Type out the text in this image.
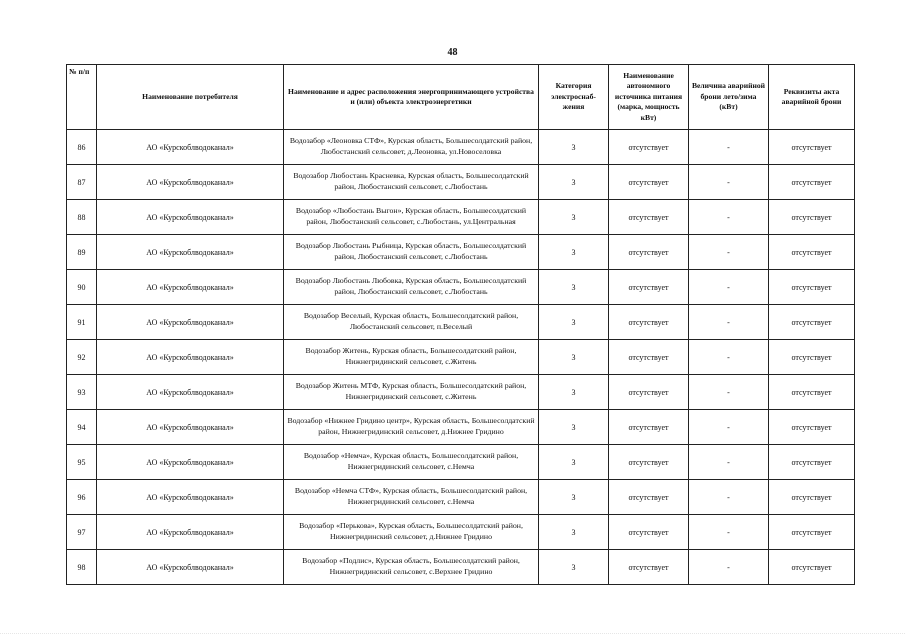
48
№ п/п	Наименование потребителя	Наименование и адрес расположения энергопринимающего устройства и (или) объекта электроэнергетики	Категория электроснаб-жения	Наименование автономного источника питания (марка, мощность кВт)	Величина аварийной брони лето/зима (кВт)	Реквизиты акта аварийной брони
86	АО «Курскоблводоканал»	Водозабор «Леоновка СТФ», Курская область, Большесолдатский район, Любостанский сельсовет, д.Леоновка, ул.Новоселовка	3	отсутствует	-	отсутствует
87	АО «Курскоблводоканал»	Водозабор Любостань Красневка, Курская область, Большесолдатский район, Любостанский сельсовет, с.Любостань	3	отсутствует	-	отсутствует
88	АО «Курскоблводоканал»	Водозабор «Любостань Выгон», Курская область, Большесолдатский район, Любостанский сельсовет, с.Любостань, ул.Центральная	3	отсутствует	-	отсутствует
89	АО «Курскоблводоканал»	Водозабор Любостань Рыбница, Курская область, Большесолдатский район, Любостанский сельсовет, с.Любостань	3	отсутствует	-	отсутствует
90	АО «Курскоблводоканал»	Водозабор Любостань Любовка, Курская область, Большесолдатский район, Любостанский сельсовет, с.Любостань	3	отсутствует	-	отсутствует
91	АО «Курскоблводоканал»	Водозабор Веселый, Курская область, Большесолдатский район, Любостанский сельсовет, п.Веселый	3	отсутствует	-	отсутствует
92	АО «Курскоблводоканал»	Водозабор Житень, Курская область, Большесолдатский район, Нижнегридинский сельсовет, с.Житень	3	отсутствует	-	отсутствует
93	АО «Курскоблводоканал»	Водозабор Житень МТФ, Курская область, Большесолдатский район, Нижнегридинский сельсовет, с.Житень	3	отсутствует	-	отсутствует
94	АО «Курскоблводоканал»	Водозабор «Нижнее Гридино центр», Курская область, Большесолдатский район, Нижнегридинский сельсовет, д.Нижнее Гридино	3	отсутствует	-	отсутствует
95	АО «Курскоблводоканал»	Водозабор «Немча», Курская область, Большесолдатский район, Нижнегридинский сельсовет, с.Немча	3	отсутствует	-	отсутствует
96	АО «Курскоблводоканал»	Водозабор «Немча СТФ», Курская область, Большесолдатский район, Нижнегридинский сельсовет, с.Немча	3	отсутствует	-	отсутствует
97	АО «Курскоблводоканал»	Водозабор «Перькова», Курская область, Большесолдатский район, Нижнегридинский сельсовет, д.Нижнее Гридино	3	отсутствует	-	отсутствует
98	АО «Курскоблводоканал»	Водозабор «Подлис», Курская область, Большесолдатский район, Нижнегридинский сельсовет, с.Верхнее Гридино	3	отсутствует	-	отсутствует
